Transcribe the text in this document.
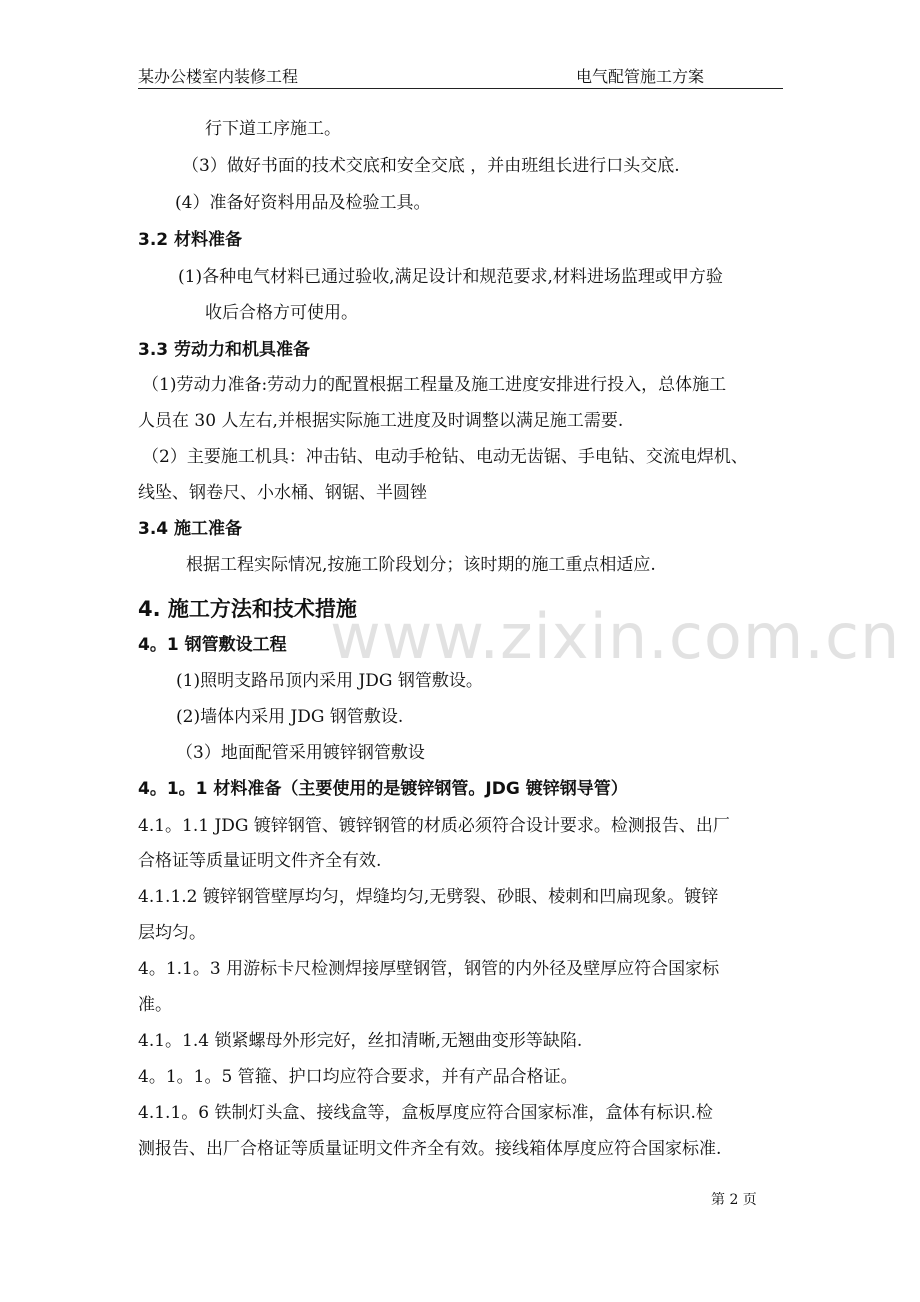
某办公楼室内装修工程	电气配管施工方案
行下道工序施工。
（3）做好书面的技术交底和安全交底 ，并由班组长进行口头交底.
(4）准备好资料用品及检验工具。
3.2 材料准备
(1)各种电气材料已通过验收,满足设计和规范要求,材料进场监理或甲方验
收后合格方可使用。
3.3 劳动力和机具准备
（1)劳动力准备:劳动力的配置根据工程量及施工进度安排进行投入，总体施工
人员在 30 人左右,并根据实际施工进度及时调整以满足施工需要.
（2）主要施工机具：冲击钻、电动手枪钻、电动无齿锯、手电钻、交流电焊机、
线坠、钢卷尺、小水桶、钢锯、半圆锉
3.4 施工准备
根据工程实际情况,按施工阶段划分；该时期的施工重点相适应.
4. 施工方法和技术措施
4。1 钢管敷设工程
(1)照明支路吊顶内采用 JDG 钢管敷设。
(2)墙体内采用 JDG 钢管敷设.
（3）地面配管采用镀锌钢管敷设
4。1。1 材料准备（主要使用的是镀锌钢管。JDG 镀锌钢导管）
4.1。1.1 JDG 镀锌钢管、镀锌钢管的材质必须符合设计要求。检测报告、出厂
合格证等质量证明文件齐全有效.
4.1.1.2 镀锌钢管壁厚均匀，焊缝均匀,无劈裂、砂眼、棱刺和凹扁现象。镀锌
层均匀。
4。1.1。3 用游标卡尺检测焊接厚壁钢管，钢管的内外径及壁厚应符合国家标
准。
4.1。1.4 锁紧螺母外形完好，丝扣清晰,无翘曲变形等缺陷.
4。1。1。5 管箍、护口均应符合要求，并有产品合格证。
4.1.1。6 铁制灯头盒、接线盒等，盒板厚度应符合国家标准，盒体有标识.检
测报告、出厂合格证等质量证明文件齐全有效。接线箱体厚度应符合国家标准.
www.zixin.com.cn
第 2 页
